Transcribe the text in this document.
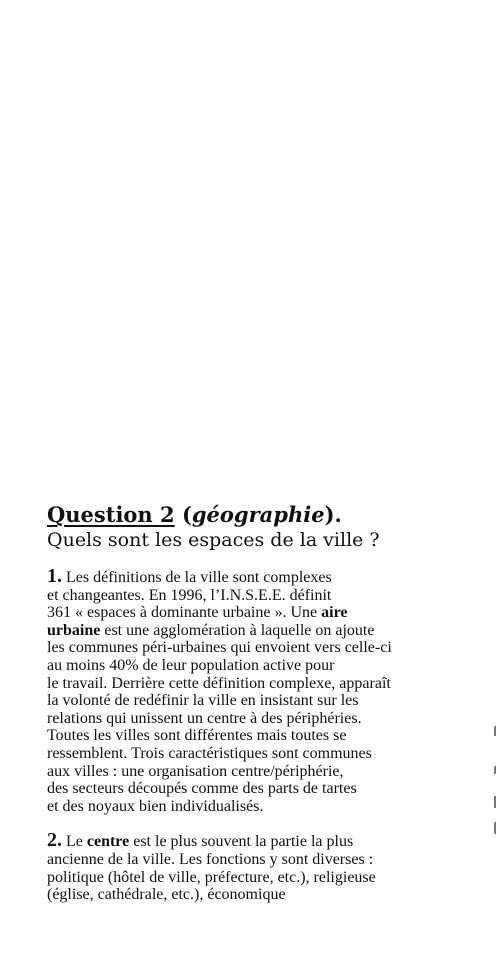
Question 2 (géographie).
Quels sont les espaces de la ville ?

1. Les définitions de la ville sont complexes
et changeantes. En 1996, l’I.N.S.E.E. définit
361 « espaces à dominante urbaine ». Une aire
urbaine est une agglomération à laquelle on ajoute
les communes péri-urbaines qui envoient vers celle-ci
au moins 40% de leur population active pour
le travail. Derrière cette définition complexe, apparaît
la volonté de redéfinir la ville en insistant sur les
relations qui unissent un centre à des périphéries.
Toutes les villes sont différentes mais toutes se
ressemblent. Trois caractéristiques sont communes
aux villes : une organisation centre/périphérie,
des secteurs découpés comme des parts de tartes
et des noyaux bien individualisés.

2. Le centre est le plus souvent la partie la plus
ancienne de la ville. Les fonctions y sont diverses :
politique (hôtel de ville, préfecture, etc.), religieuse
(église, cathédrale, etc.), économique
